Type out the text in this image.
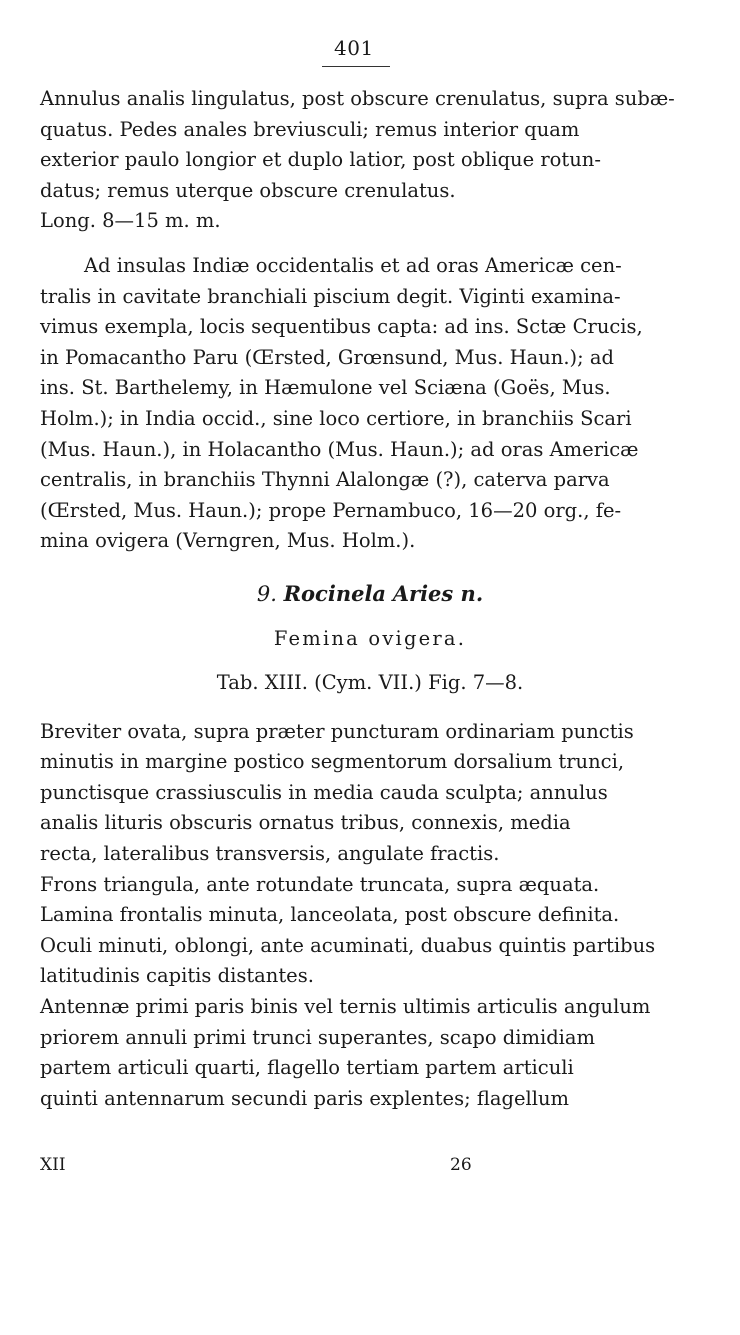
401

Annulus analis lingulatus, post obscure crenulatus, supra subæ-
quatus. Pedes anales breviusculi; remus interior quam
exterior paulo longior et duplo latior, post oblique rotun-
datus; remus uterque obscure crenulatus.

Long. 8—15 m. m.

Ad insulas Indiæ occidentalis et ad oras Americæ cen-
tralis in cavitate branchiali piscium degit. Viginti examina-
vimus exempla, locis sequentibus capta: ad ins. Sctæ Crucis,
in Pomacantho Paru (Œrsted, Grœnsund, Mus. Haun.); ad
ins. St. Barthelemy, in Hæmulone vel Sciæna (Goës, Mus.
Holm.); in India occid., sine loco certiore, in branchiis Scari
(Mus. Haun.), in Holacantho (Mus. Haun.); ad oras Americæ
centralis, in branchiis Thynni Alalongæ (?), caterva parva
(Œrsted, Mus. Haun.); prope Pernambuco, 16—20 org., fe-
mina ovigera (Verngren, Mus. Holm.).

9. Rocinela Aries n.
Femina ovigera.
Tab. XIII. (Cym. VII.) Fig. 7—8.

Breviter ovata, supra præter puncturam ordinariam punctis
minutis in margine postico segmentorum dorsalium trunci,
punctisque crassiusculis in media cauda sculpta; annulus
analis lituris obscuris ornatus tribus, connexis, media
recta, lateralibus transversis, angulate fractis.

Frons triangula, ante rotundate truncata, supra æquata.

Lamina frontalis minuta, lanceolata, post obscure definita.

Oculi minuti, oblongi, ante acuminati, duabus quintis partibus
latitudinis capitis distantes.

Antennæ primi paris binis vel ternis ultimis articulis angulum
priorem annuli primi trunci superantes, scapo dimidiam
partem articuli quarti, flagello tertiam partem articuli
quinti antennarum secundi paris explentes; flagellum

XII	26
